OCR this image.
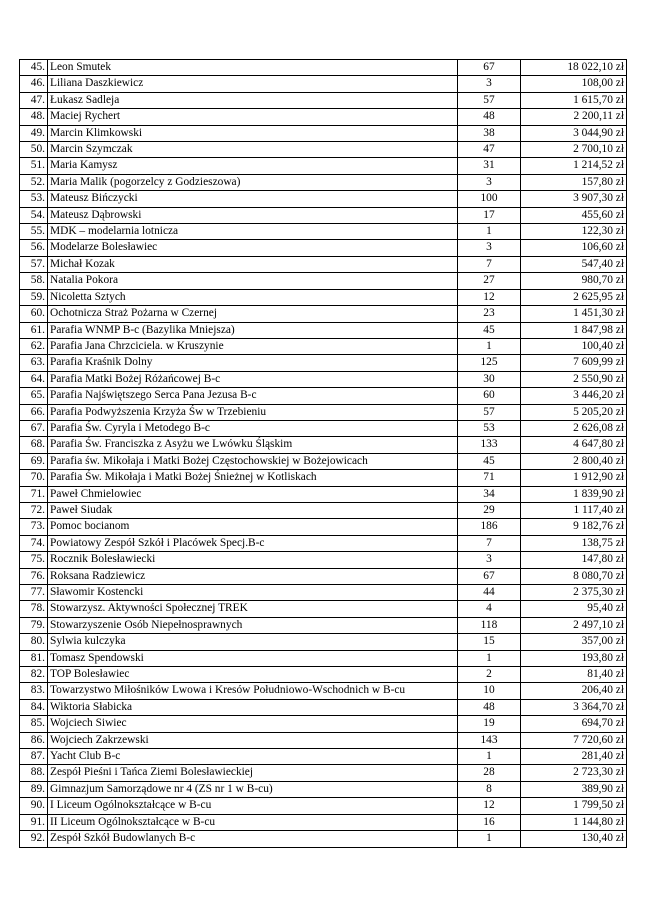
45.	Leon Smutek	67	18 022,10 zł
46.	Liliana Daszkiewicz	3	108,00 zł
47.	Łukasz Sadleja	57	1 615,70 zł
48.	Maciej Rychert	48	2 200,11 zł
49.	Marcin Klimkowski	38	3 044,90 zł
50.	Marcin Szymczak	47	2 700,10 zł
51.	Maria Kamysz	31	1 214,52 zł
52.	Maria Malik (pogorzelcy z Godzieszowa)	3	157,80 zł
53.	Mateusz Bińczycki	100	3 907,30 zł
54.	Mateusz Dąbrowski	17	455,60 zł
55.	MDK – modelarnia lotnicza	1	122,30 zł
56.	Modelarze Bolesławiec	3	106,60 zł
57.	Michał Kozak	7	547,40 zł
58.	Natalia Pokora	27	980,70 zł
59.	Nicoletta Sztych	12	2 625,95 zł
60.	Ochotnicza Straż Pożarna w Czernej	23	1 451,30 zł
61.	Parafia WNMP B-c (Bazylika Mniejsza)	45	1 847,98 zł
62.	Parafia Jana Chrzciciela. w Kruszynie	1	100,40 zł
63.	Parafia Kraśnik Dolny	125	7 609,99 zł
64.	Parafia Matki Bożej Różańcowej B-c	30	2 550,90 zł
65.	Parafia Najświętszego Serca Pana Jezusa B-c	60	3 446,20 zł
66.	Parafia Podwyższenia Krzyża Św w Trzebieniu	57	5 205,20 zł
67.	Parafia Św. Cyryla i Metodego B-c	53	2 626,08 zł
68.	Parafia Św. Franciszka z Asyżu we Lwówku Śląskim	133	4 647,80 zł
69.	Parafia św. Mikołaja i Matki Bożej Częstochowskiej w Bożejowicach	45	2 800,40 zł
70.	Parafia Św. Mikołaja i Matki Bożej Śnieżnej w Kotliskach	71	1 912,90 zł
71.	Paweł Chmielowiec	34	1 839,90 zł
72.	Paweł Siudak	29	1 117,40 zł
73.	Pomoc bocianom	186	9 182,76 zł
74.	Powiatowy Zespół Szkół i Placówek Specj.B-c	7	138,75 zł
75.	Rocznik Bolesławiecki	3	147,80 zł
76.	Roksana Radziewicz	67	8 080,70 zł
77.	Sławomir Kostencki	44	2 375,30 zł
78.	Stowarzysz. Aktywności Społecznej TREK	4	95,40 zł
79.	Stowarzyszenie Osób Niepełnosprawnych	118	2 497,10 zł
80.	Sylwia kulczyka	15	357,00 zł
81.	Tomasz Spendowski	1	193,80 zł
82.	TOP Bolesławiec	2	81,40 zł
83.	Towarzystwo Miłośników Lwowa i Kresów Południowo-Wschodnich w B-cu	10	206,40 zł
84.	Wiktoria Słabicka	48	3 364,70 zł
85.	Wojciech Siwiec	19	694,70 zł
86.	Wojciech Zakrzewski	143	7 720,60 zł
87.	Yacht Club B-c	1	281,40 zł
88.	Zespół Pieśni i Tańca Ziemi Bolesławieckiej	28	2 723,30 zł
89.	Gimnazjum Samorządowe nr 4 (ZS nr 1 w B-cu)	8	389,90 zł
90.	I Liceum Ogólnokształcące w B-cu	12	1 799,50 zł
91.	II Liceum Ogólnokształcące w B-cu	16	1 144,80 zł
92.	Zespół Szkół Budowlanych B-c	1	130,40 zł
